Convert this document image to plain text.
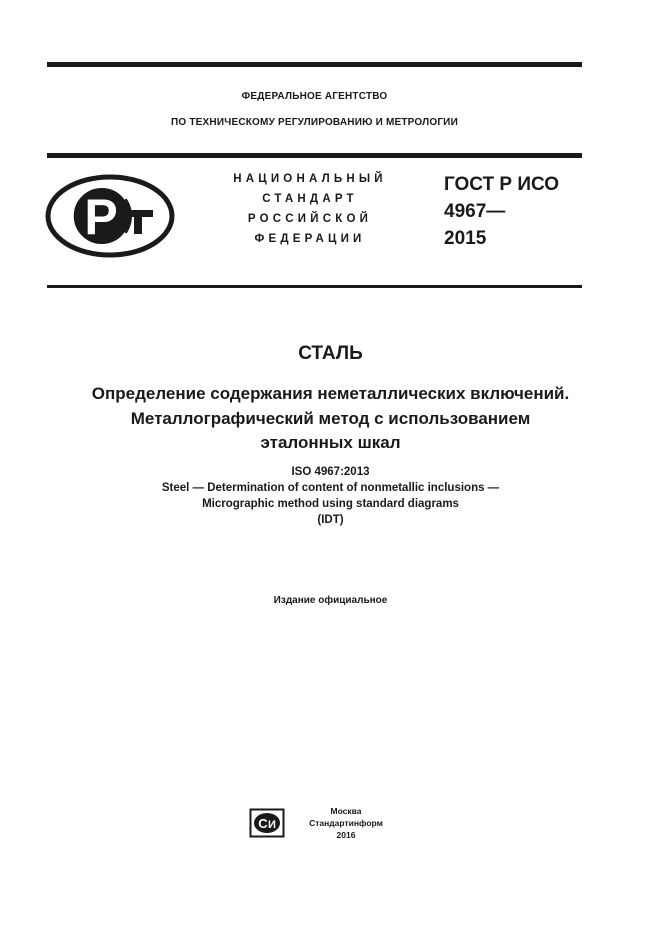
ФЕДЕРАЛЬНОЕ АГЕНТСТВО
ПО ТЕХНИЧЕСКОМУ РЕГУЛИРОВАНИЮ И МЕТРОЛОГИИ
Р
НАЦИОНАЛЬНЫЙ
СТАНДАРТ
РОССИЙСКОЙ
ФЕДЕРАЦИИ
ГОСТ Р ИСО
4967—
2015
СТАЛЬ
Определение содержания неметаллических включений.
Металлографический метод с использованием
эталонных шкал
ISO 4967:2013
Steel — Determination of content of nonmetallic inclusions —
Micrographic method using standard diagrams
(IDT)
Издание официальное
С И
Москва
Стандартинформ
2016
